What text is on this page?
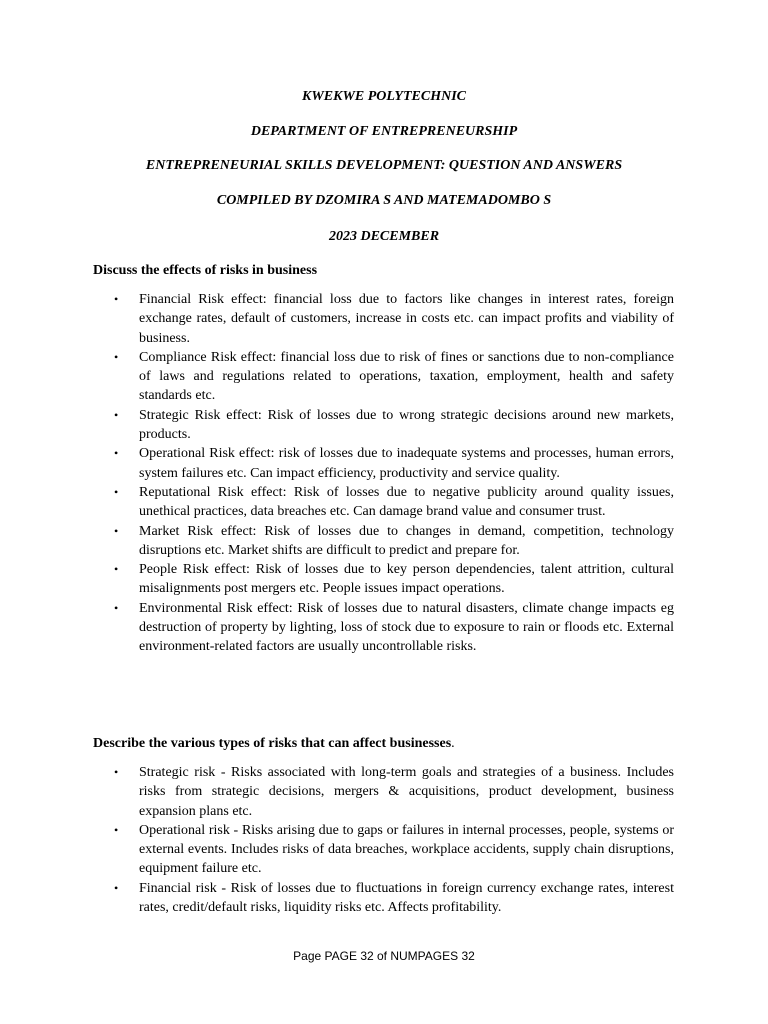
KWEKWE POLYTECHNIC

DEPARTMENT OF ENTREPRENEURSHIP

ENTREPRENEURIAL SKILLS DEVELOPMENT: QUESTION AND ANSWERS

COMPILED BY DZOMIRA S AND MATEMADOMBO S

2023 DECEMBER

Discuss the effects of risks in business

• Financial Risk effect: financial loss due to factors like changes in interest rates, foreign exchange rates, default of customers, increase in costs etc. can impact profits and viability of business.
• Compliance Risk effect: financial loss due to risk of fines or sanctions due to non-compliance of laws and regulations related to operations, taxation, employment, health and safety standards etc.
• Strategic Risk effect: Risk of losses due to wrong strategic decisions around new markets, products.
• Operational Risk effect: risk of losses due to inadequate systems and processes, human errors, system failures etc. Can impact efficiency, productivity and service quality.
• Reputational Risk effect: Risk of losses due to negative publicity around quality issues, unethical practices, data breaches etc. Can damage brand value and consumer trust.
• Market Risk effect: Risk of losses due to changes in demand, competition, technology disruptions etc. Market shifts are difficult to predict and prepare for.
• People Risk effect: Risk of losses due to key person dependencies, talent attrition, cultural misalignments post mergers etc. People issues impact operations.
• Environmental Risk effect: Risk of losses due to natural disasters, climate change impacts eg destruction of property by lighting, loss of stock due to exposure to rain or floods etc. External environment-related factors are usually uncontrollable risks.

Describe the various types of risks that can affect businesses.

• Strategic risk - Risks associated with long-term goals and strategies of a business. Includes risks from strategic decisions, mergers & acquisitions, product development, business expansion plans etc.
• Operational risk - Risks arising due to gaps or failures in internal processes, people, systems or external events. Includes risks of data breaches, workplace accidents, supply chain disruptions, equipment failure etc.
• Financial risk - Risk of losses due to fluctuations in foreign currency exchange rates, interest rates, credit/default risks, liquidity risks etc. Affects profitability.
Page PAGE 32 of NUMPAGES 32
